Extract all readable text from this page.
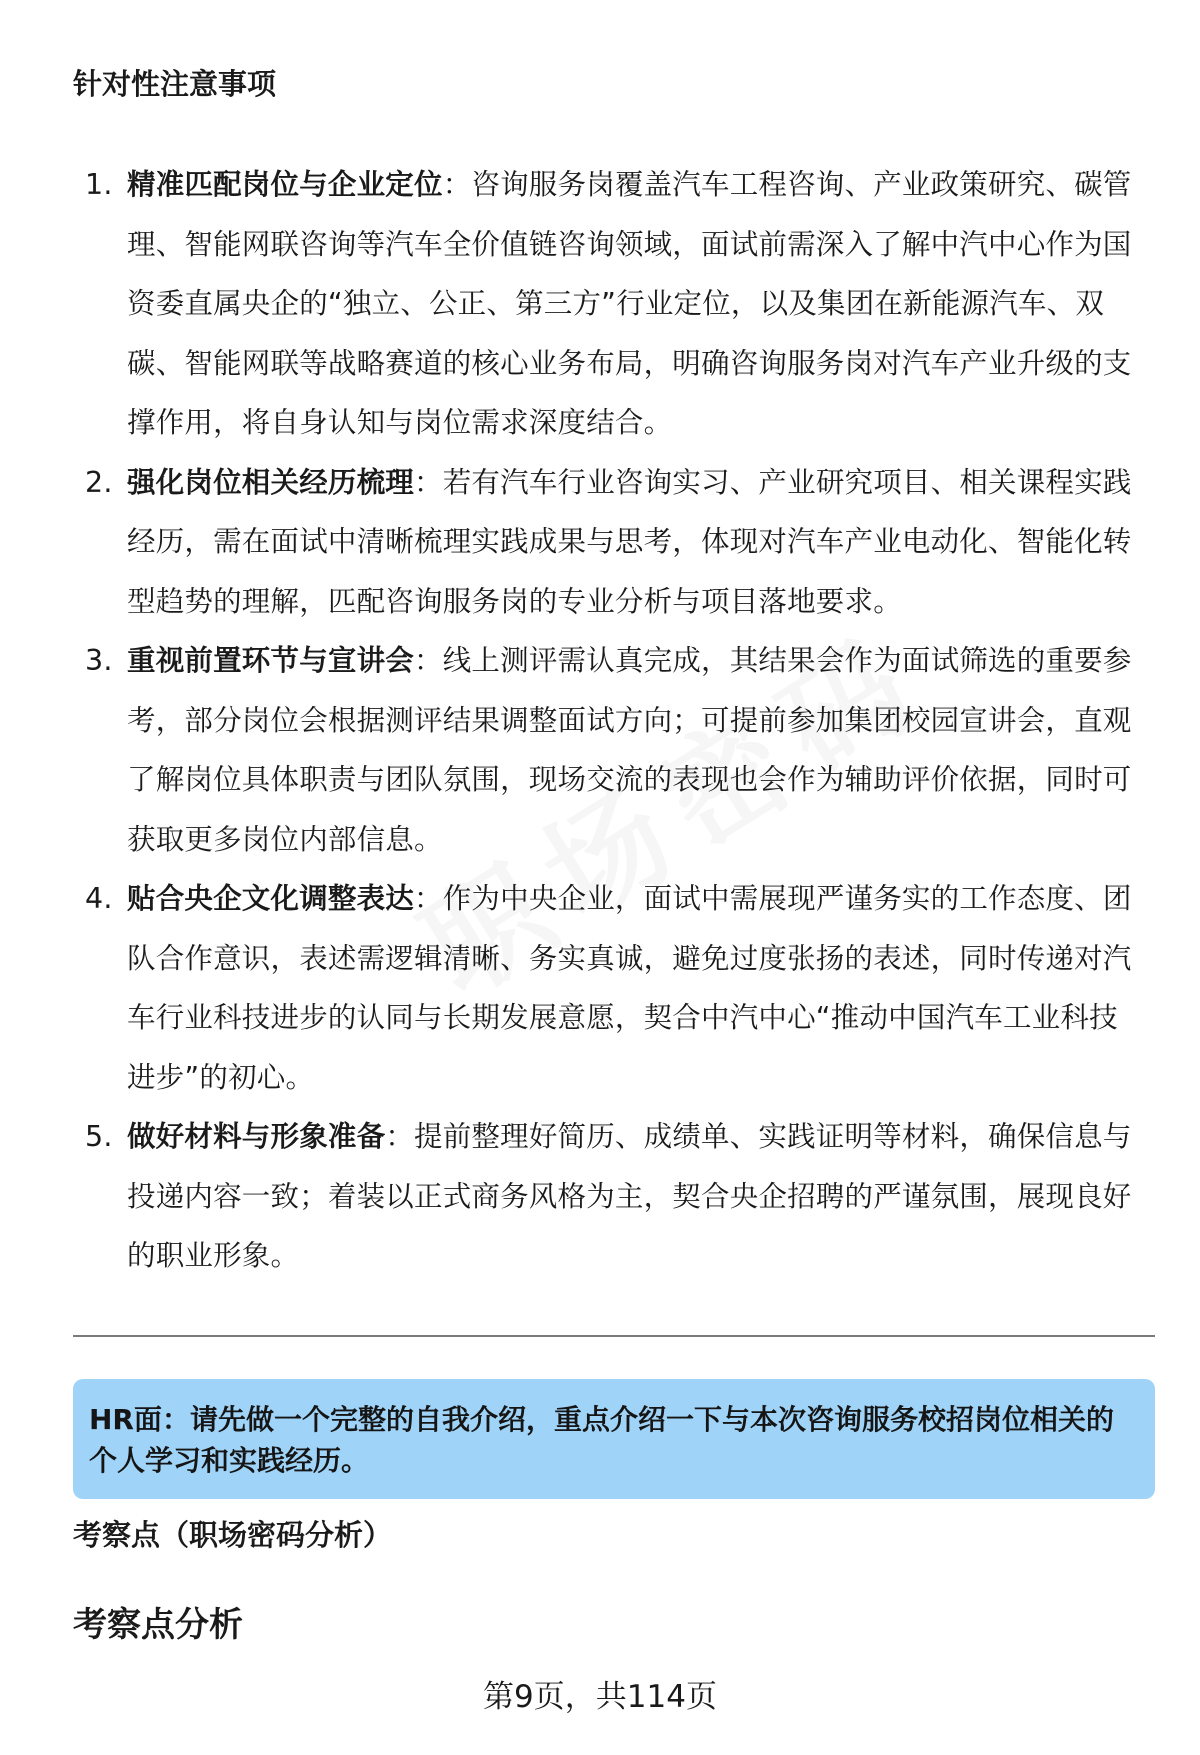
针对性注意事项
1. 精准匹配岗位与企业定位：咨询服务岗覆盖汽车工程咨询、产业政策研究、碳管理、智能网联咨询等汽车全价值链咨询领域，面试前需深入了解中汽中心作为国资委直属央企的“独立、公正、第三方”行业定位，以及集团在新能源汽车、双碳、智能网联等战略赛道的核心业务布局，明确咨询服务岗对汽车产业升级的支撑作用，将自身认知与岗位需求深度结合。
2. 强化岗位相关经历梳理：若有汽车行业咨询实习、产业研究项目、相关课程实践经历，需在面试中清晰梳理实践成果与思考，体现对汽车产业电动化、智能化转型趋势的理解，匹配咨询服务岗的专业分析与项目落地要求。
3. 重视前置环节与宣讲会：线上测评需认真完成，其结果会作为面试筛选的重要参考，部分岗位会根据测评结果调整面试方向；可提前参加集团校园宣讲会，直观了解岗位具体职责与团队氛围，现场交流的表现也会作为辅助评价依据，同时可获取更多岗位内部信息。
4. 贴合央企文化调整表达：作为中央企业，面试中需展现严谨务实的工作态度、团队合作意识，表述需逻辑清晰、务实真诚，避免过度张扬的表述，同时传递对汽车行业科技进步的认同与长期发展意愿，契合中汽中心“推动中国汽车工业科技进步”的初心。
5. 做好材料与形象准备：提前整理好简历、成绩单、实践证明等材料，确保信息与投递内容一致；着装以正式商务风格为主，契合央企招聘的严谨氛围，展现良好的职业形象。
HR面：请先做一个完整的自我介绍，重点介绍一下与本次咨询服务校招岗位相关的个人学习和实践经历。
考察点（职场密码分析）
考察点分析
第9页，共114页
